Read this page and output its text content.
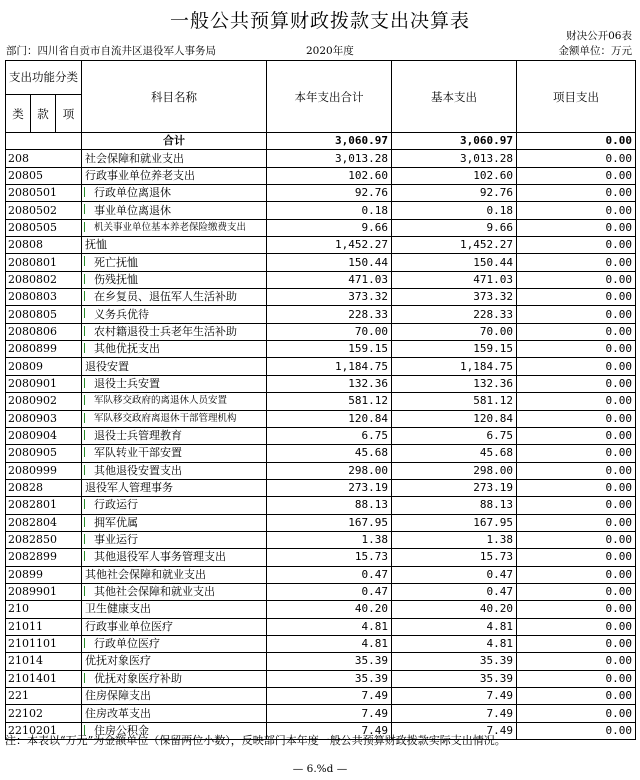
一般公共预算财政拨款支出决算表
财决公开06表
部门：四川省自贡市自流井区退役军人事务局	2020年度	金额单位：万元
支出功能分类			科目名称	本年支出合计	基本支出	项目支出
类	款	项				
			合计	3,060.97	3,060.97	0.00
208			社会保障和就业支出	3,013.28	3,013.28	0.00
20805			行政事业单位养老支出	102.60	102.60	0.00
2080501			行政单位离退休	92.76	92.76	0.00
2080502			事业单位离退休	0.18	0.18	0.00
2080505			机关事业单位基本养老保险缴费支出	9.66	9.66	0.00
20808			抚恤	1,452.27	1,452.27	0.00
2080801			死亡抚恤	150.44	150.44	0.00
2080802			伤残抚恤	471.03	471.03	0.00
2080803			在乡复员、退伍军人生活补助	373.32	373.32	0.00
2080805			义务兵优待	228.33	228.33	0.00
2080806			农村籍退役士兵老年生活补助	70.00	70.00	0.00
2080899			其他优抚支出	159.15	159.15	0.00
20809			退役安置	1,184.75	1,184.75	0.00
2080901			退役士兵安置	132.36	132.36	0.00
2080902			军队移交政府的离退休人员安置	581.12	581.12	0.00
2080903			军队移交政府离退休干部管理机构	120.84	120.84	0.00
2080904			退役士兵管理教育	6.75	6.75	0.00
2080905			军队转业干部安置	45.68	45.68	0.00
2080999			其他退役安置支出	298.00	298.00	0.00
20828			退役军人管理事务	273.19	273.19	0.00
2082801			行政运行	88.13	88.13	0.00
2082804			拥军优属	167.95	167.95	0.00
2082850			事业运行	1.38	1.38	0.00
2082899			其他退役军人事务管理支出	15.73	15.73	0.00
20899			其他社会保障和就业支出	0.47	0.47	0.00
2089901			其他社会保障和就业支出	0.47	0.47	0.00
210			卫生健康支出	40.20	40.20	0.00
21011			行政事业单位医疗	4.81	4.81	0.00
2101101			行政单位医疗	4.81	4.81	0.00
21014			优抚对象医疗	35.39	35.39	0.00
2101401			优抚对象医疗补助	35.39	35.39	0.00
221			住房保障支出	7.49	7.49	0.00
22102			住房改革支出	7.49	7.49	0.00
2210201			住房公积金	7.49	7.49	0.00
注：本表以“万元”为金额单位（保留两位小数），反映部门本年度一般公共预算财政拨款实际支出情况。
— 6.%d —
